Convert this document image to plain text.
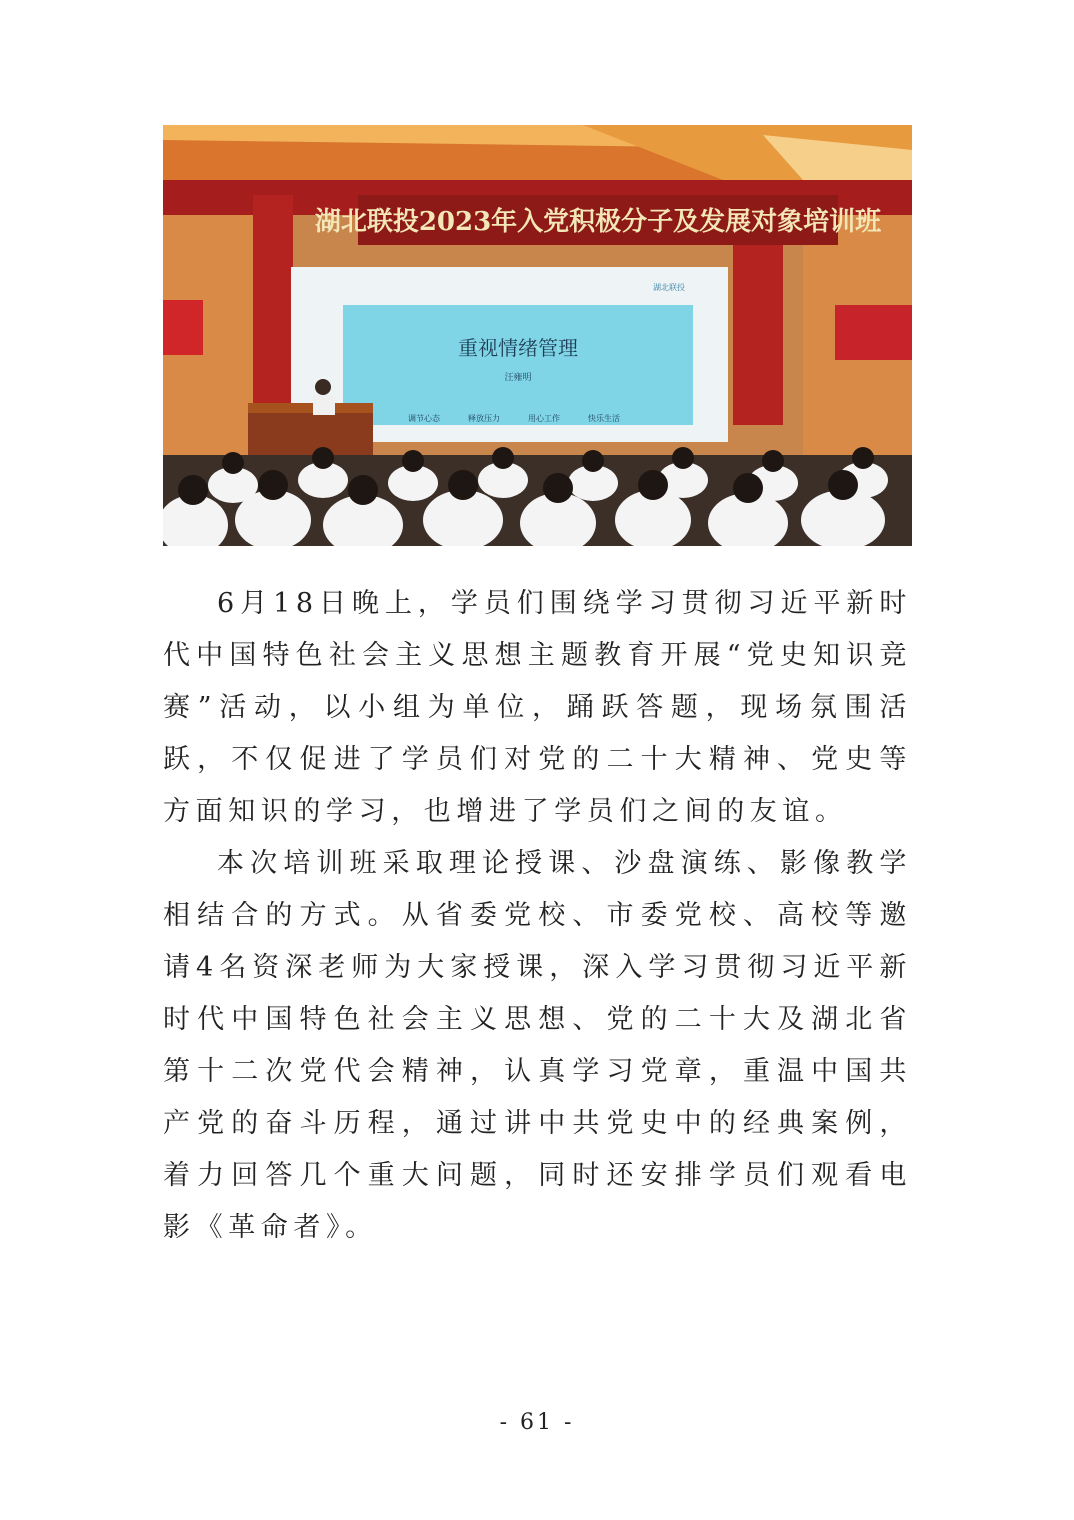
湖北联投2023年入党积极分子及发展对象培训班
重视情绪管理
汪雍明
湖北联投
调节心态	释放压力	用心工作	快乐生活

6月18日晚上，学员们围绕学习贯彻习近平新时代中国特色社会主义思想主题教育开展“党史知识竞赛”活动，以小组为单位，踊跃答题，现场氛围活跃，不仅促进了学员们对党的二十大精神、党史等方面知识的学习，也增进了学员们之间的友谊。

本次培训班采取理论授课、沙盘演练、影像教学相结合的方式。从省委党校、市委党校、高校等邀请4名资深老师为大家授课，深入学习贯彻习近平新时代中国特色社会主义思想、党的二十大及湖北省第十二次党代会精神，认真学习党章，重温中国共产党的奋斗历程，通过讲中共党史中的经典案例，着力回答几个重大问题，同时还安排学员们观看电影《革命者》。

- 61 -
